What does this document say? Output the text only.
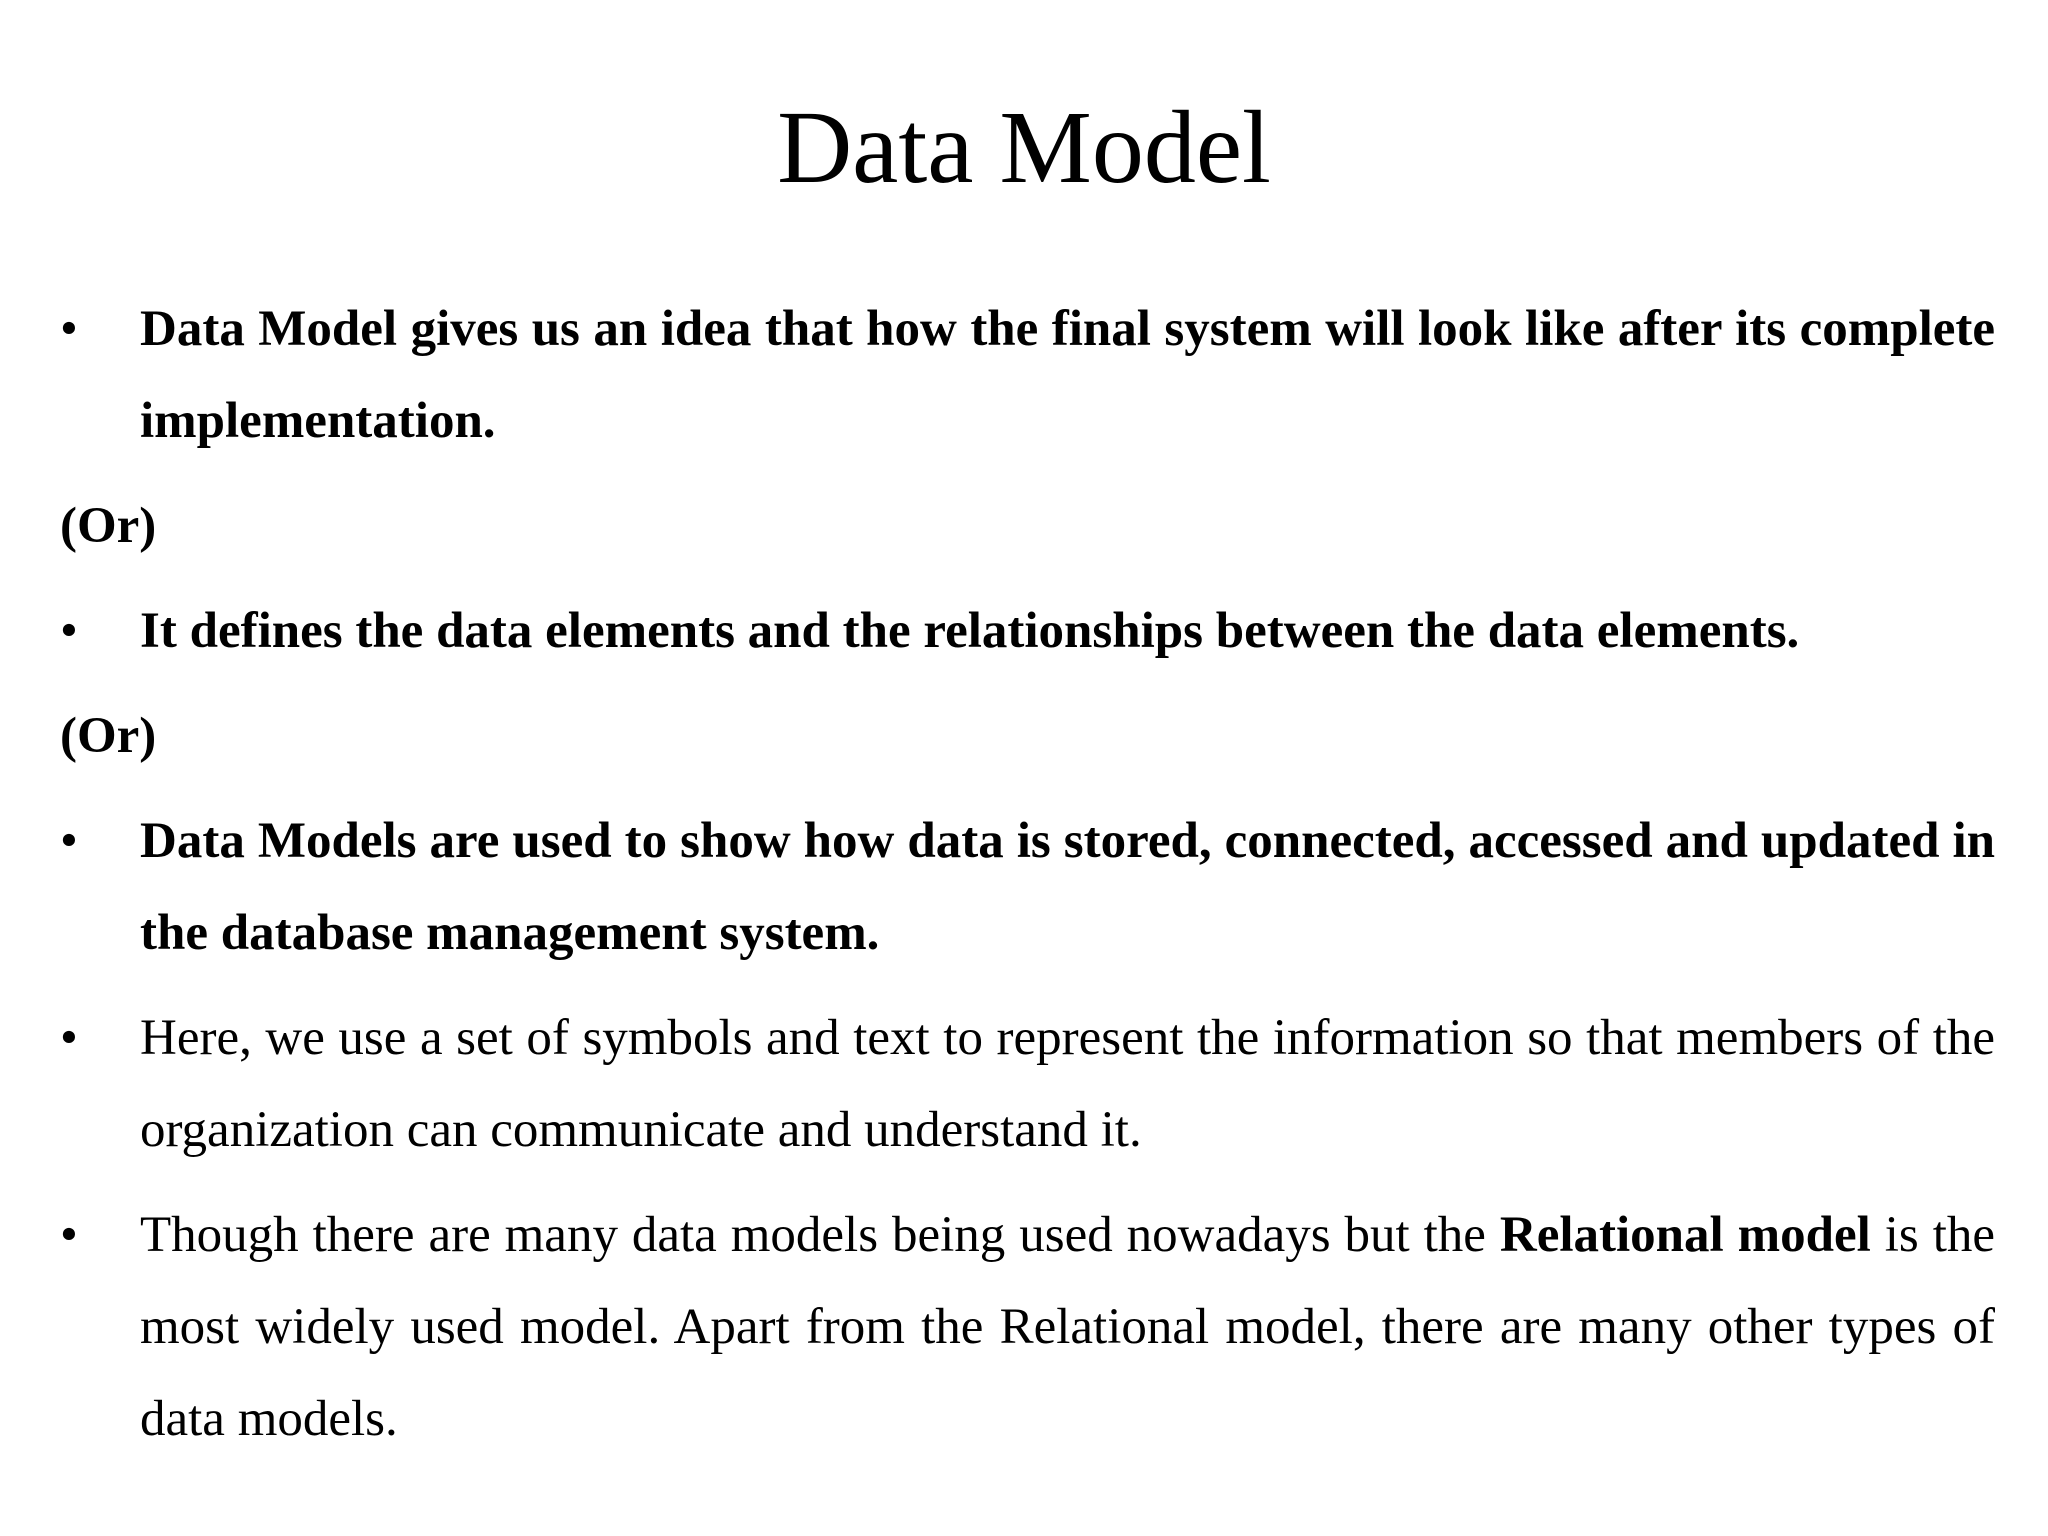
Data Model
•	Data Model gives us an idea that how the final system will look like after its complete implementation.
(Or)
•	It defines the data elements and the relationships between the data elements.
(Or)
•	Data Models are used to show how data is stored, connected, accessed and updated in the database management system.
•	Here, we use a set of symbols and text to represent the information so that members of the organization can communicate and understand it.
•	Though there are many data models being used nowadays but the Relational model is the most widely used model. Apart from the Relational model, there are many other types of data models.
